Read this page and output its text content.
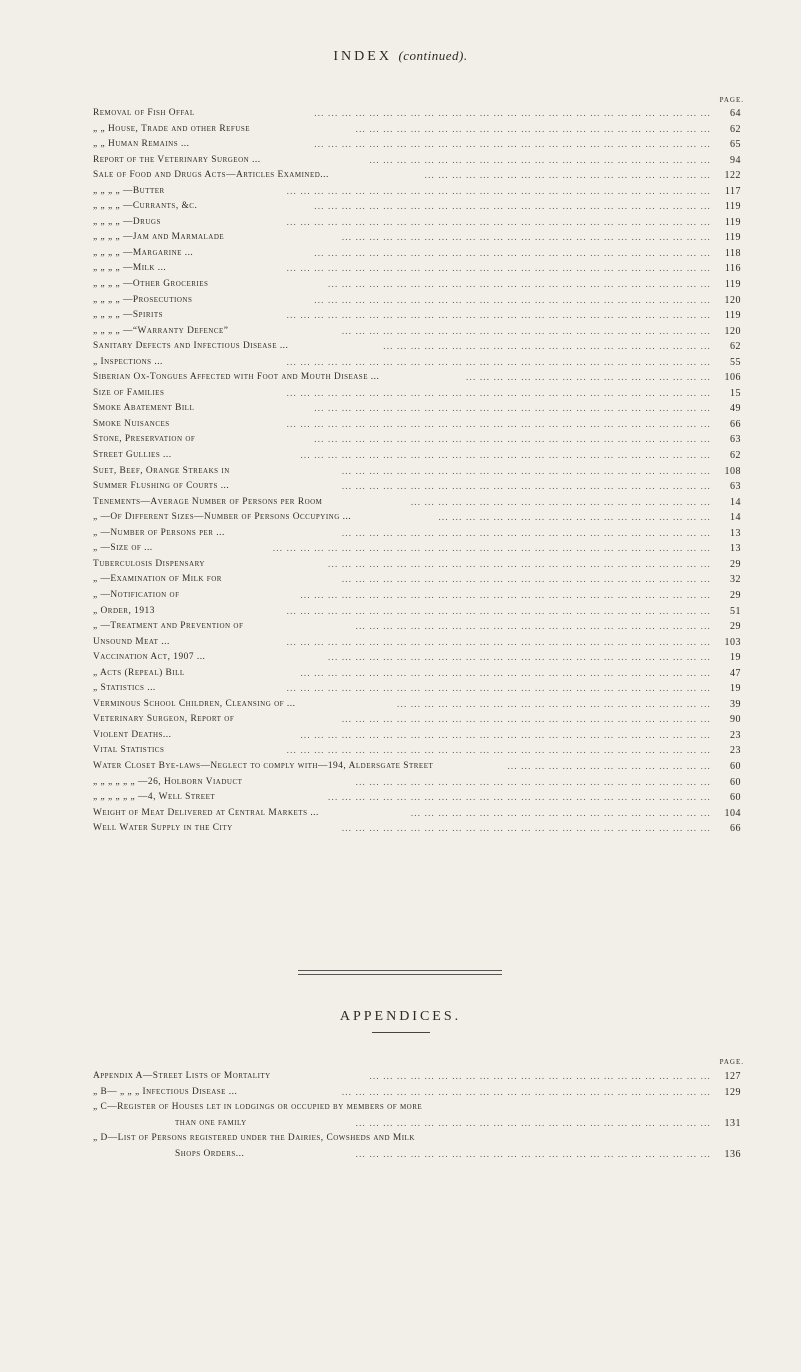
INDEX (continued).
PAGE.
Removal of Fish Offal	... ... ... ... ... ... ... ... ... ... ... ... ... ... ... ... ... ... ... ... ... ... ... ... ... ... ... ... ...	64
„ „ House, Trade and other Refuse	... ... ... ... ... ... ... ... ... ... ... ... ... ... ... ... ... ... ... ... ... ... ... ... ... ...	62
„ „ Human Remains ...	... ... ... ... ... ... ... ... ... ... ... ... ... ... ... ... ... ... ... ... ... ... ... ... ... ... ... ... ...	65
Report of the Veterinary Surgeon ...	... ... ... ... ... ... ... ... ... ... ... ... ... ... ... ... ... ... ... ... ... ... ... ... ...	94
Sale of Food and Drugs Acts—Articles Examined...	... ... ... ... ... ... ... ... ... ... ... ... ... ... ... ... ... ... ... ... ...	122
„ „ „ „ —Butter	... ... ... ... ... ... ... ... ... ... ... ... ... ... ... ... ... ... ... ... ... ... ... ... ... ... ... ... ... ... ...	117
„ „ „ „ —Currants, &c.	... ... ... ... ... ... ... ... ... ... ... ... ... ... ... ... ... ... ... ... ... ... ... ... ... ... ... ... ...	119
„ „ „ „ —Drugs	... ... ... ... ... ... ... ... ... ... ... ... ... ... ... ... ... ... ... ... ... ... ... ... ... ... ... ... ... ... ...	119
„ „ „ „ —Jam and Marmalade	... ... ... ... ... ... ... ... ... ... ... ... ... ... ... ... ... ... ... ... ... ... ... ... ... ... ...	119
„ „ „ „ —Margarine ...	... ... ... ... ... ... ... ... ... ... ... ... ... ... ... ... ... ... ... ... ... ... ... ... ... ... ... ... ...	118
„ „ „ „ —Milk ...	... ... ... ... ... ... ... ... ... ... ... ... ... ... ... ... ... ... ... ... ... ... ... ... ... ... ... ... ... ... ...	116
„ „ „ „ —Other Groceries	... ... ... ... ... ... ... ... ... ... ... ... ... ... ... ... ... ... ... ... ... ... ... ... ... ... ... ...	119
„ „ „ „ —Prosecutions	... ... ... ... ... ... ... ... ... ... ... ... ... ... ... ... ... ... ... ... ... ... ... ... ... ... ... ... ...	120
„ „ „ „ —Spirits	... ... ... ... ... ... ... ... ... ... ... ... ... ... ... ... ... ... ... ... ... ... ... ... ... ... ... ... ... ... ...	119
„ „ „ „ —“Warranty Defence”	... ... ... ... ... ... ... ... ... ... ... ... ... ... ... ... ... ... ... ... ... ... ... ... ... ... ...	120
Sanitary Defects and Infectious Disease ...	... ... ... ... ... ... ... ... ... ... ... ... ... ... ... ... ... ... ... ... ... ... ... ...	62
„ Inspections ...	... ... ... ... ... ... ... ... ... ... ... ... ... ... ... ... ... ... ... ... ... ... ... ... ... ... ... ... ... ... ...	55
Siberian Ox-Tongues Affected with Foot and Mouth Disease ...	... ... ... ... ... ... ... ... ... ... ... ... ... ... ... ... ... ...	106
Size of Families	... ... ... ... ... ... ... ... ... ... ... ... ... ... ... ... ... ... ... ... ... ... ... ... ... ... ... ... ... ... ...	15
Smoke Abatement Bill	... ... ... ... ... ... ... ... ... ... ... ... ... ... ... ... ... ... ... ... ... ... ... ... ... ... ... ... ...	49
Smoke Nuisances	... ... ... ... ... ... ... ... ... ... ... ... ... ... ... ... ... ... ... ... ... ... ... ... ... ... ... ... ... ... ...	66
Stone, Preservation of	... ... ... ... ... ... ... ... ... ... ... ... ... ... ... ... ... ... ... ... ... ... ... ... ... ... ... ... ...	63
Street Gullies ...	... ... ... ... ... ... ... ... ... ... ... ... ... ... ... ... ... ... ... ... ... ... ... ... ... ... ... ... ... ...	62
Suet, Beef, Orange Streaks in	... ... ... ... ... ... ... ... ... ... ... ... ... ... ... ... ... ... ... ... ... ... ... ... ... ... ...	108
Summer Flushing of Courts ...	... ... ... ... ... ... ... ... ... ... ... ... ... ... ... ... ... ... ... ... ... ... ... ... ... ... ...	63
Tenements—Average Number of Persons per Room	... ... ... ... ... ... ... ... ... ... ... ... ... ... ... ... ... ... ... ... ... ...	14
„ —Of Different Sizes—Number of Persons Occupying ...	... ... ... ... ... ... ... ... ... ... ... ... ... ... ... ... ... ... ... ...	14
„ —Number of Persons per ...	... ... ... ... ... ... ... ... ... ... ... ... ... ... ... ... ... ... ... ... ... ... ... ... ... ... ...	13
„ —Size of ...	... ... ... ... ... ... ... ... ... ... ... ... ... ... ... ... ... ... ... ... ... ... ... ... ... ... ... ... ... ... ... ...	13
Tuberculosis Dispensary	... ... ... ... ... ... ... ... ... ... ... ... ... ... ... ... ... ... ... ... ... ... ... ... ... ... ... ...	29
„ —Examination of Milk for	... ... ... ... ... ... ... ... ... ... ... ... ... ... ... ... ... ... ... ... ... ... ... ... ... ... ...	32
„ —Notification of	... ... ... ... ... ... ... ... ... ... ... ... ... ... ... ... ... ... ... ... ... ... ... ... ... ... ... ... ... ...	29
„ Order, 1913	... ... ... ... ... ... ... ... ... ... ... ... ... ... ... ... ... ... ... ... ... ... ... ... ... ... ... ... ... ... ...	51
„ —Treatment and Prevention of	... ... ... ... ... ... ... ... ... ... ... ... ... ... ... ... ... ... ... ... ... ... ... ... ... ...	29
Unsound Meat ...	... ... ... ... ... ... ... ... ... ... ... ... ... ... ... ... ... ... ... ... ... ... ... ... ... ... ... ... ... ... ...	103
Vaccination Act, 1907 ...	... ... ... ... ... ... ... ... ... ... ... ... ... ... ... ... ... ... ... ... ... ... ... ... ... ... ... ...	19
„ Acts (Repeal) Bill	... ... ... ... ... ... ... ... ... ... ... ... ... ... ... ... ... ... ... ... ... ... ... ... ... ... ... ... ... ...	47
„ Statistics ...	... ... ... ... ... ... ... ... ... ... ... ... ... ... ... ... ... ... ... ... ... ... ... ... ... ... ... ... ... ... ...	19
Verminous School Children, Cleansing of ...	... ... ... ... ... ... ... ... ... ... ... ... ... ... ... ... ... ... ... ... ... ... ...	39
Veterinary Surgeon, Report of	... ... ... ... ... ... ... ... ... ... ... ... ... ... ... ... ... ... ... ... ... ... ... ... ... ... ...	90
Violent Deaths...	... ... ... ... ... ... ... ... ... ... ... ... ... ... ... ... ... ... ... ... ... ... ... ... ... ... ... ... ... ...	23
Vital Statistics	... ... ... ... ... ... ... ... ... ... ... ... ... ... ... ... ... ... ... ... ... ... ... ... ... ... ... ... ... ... ...	23
Water Closet Bye-laws—Neglect to comply with—194, Aldersgate Street	... ... ... ... ... ... ... ... ... ... ... ... ... ... ...	60
„ „ „ „ „ „ —26, Holborn Viaduct	... ... ... ... ... ... ... ... ... ... ... ... ... ... ... ... ... ... ... ... ... ... ... ... ... ...	60
„ „ „ „ „ „ —4, Well Street	... ... ... ... ... ... ... ... ... ... ... ... ... ... ... ... ... ... ... ... ... ... ... ... ... ... ... ...	60
Weight of Meat Delivered at Central Markets ...	... ... ... ... ... ... ... ... ... ... ... ... ... ... ... ... ... ... ... ... ... ...	104
Well Water Supply in the City	... ... ... ... ... ... ... ... ... ... ... ... ... ... ... ... ... ... ... ... ... ... ... ... ... ... ...	66
APPENDICES.
PAGE.
Appendix A—Street Lists of Mortality	... ... ... ... ... ... ... ... ... ... ... ... ... ... ... ... ... ... ... ... ... ... ... ... ...	127
„ B— „ „ „ Infectious Disease ...	... ... ... ... ... ... ... ... ... ... ... ... ... ... ... ... ... ... ... ... ... ... ... ... ... ... ...	129
„ C—Register of Houses let in lodgings or occupied by members of more
than one family	... ... ... ... ... ... ... ... ... ... ... ... ... ... ... ... ... ... ... ... ... ... ... ... ... ...	131
„ D—List of Persons registered under the Dairies, Cowsheds and Milk
Shops Orders...	... ... ... ... ... ... ... ... ... ... ... ... ... ... ... ... ... ... ... ... ... ... ... ... ... ...	136
